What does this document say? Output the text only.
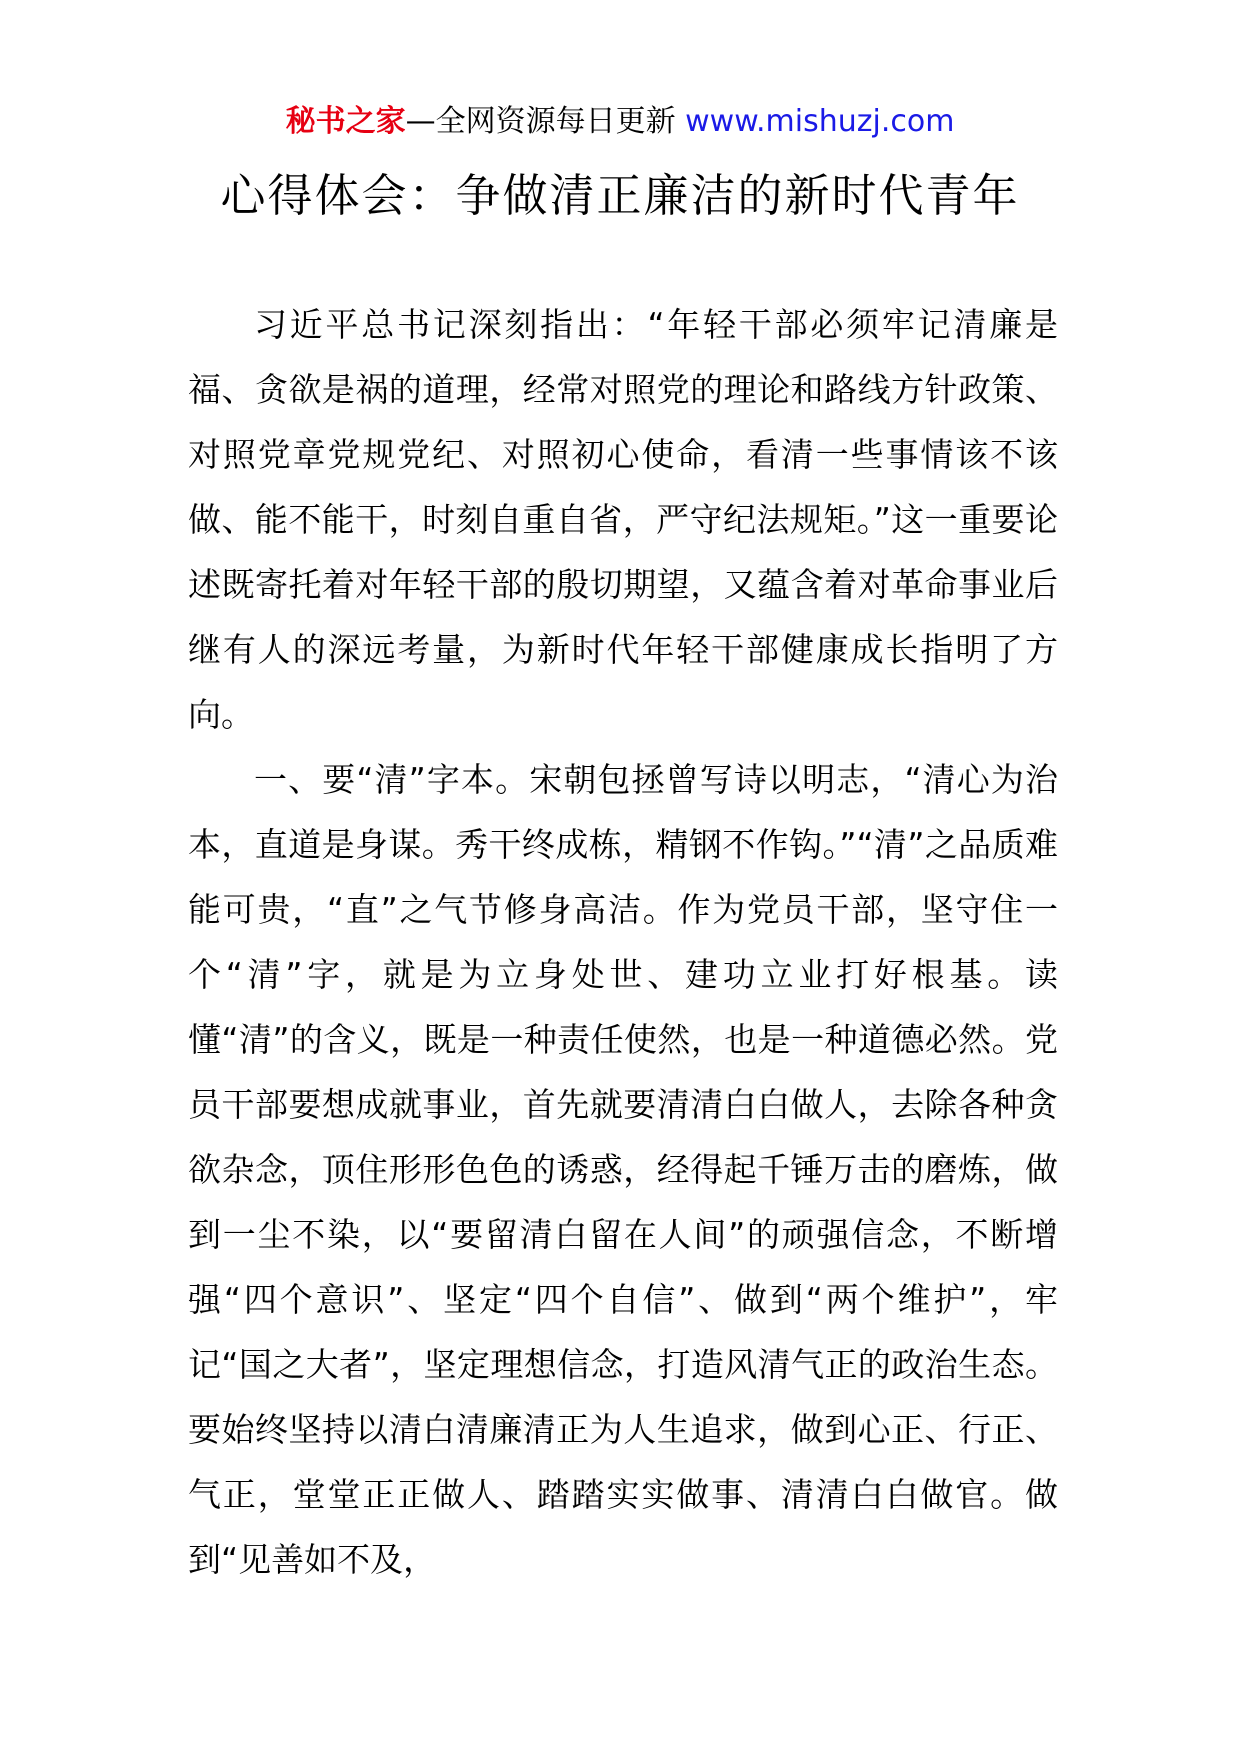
秘书之家—全网资源每日更新 www.mishuzj.com
心得体会：争做清正廉洁的新时代青年

习近平总书记深刻指出：“年轻干部必须牢记清廉是福、贪欲是祸的道理，经常对照党的理论和路线方针政策、对照党章党规党纪、对照初心使命，看清一些事情该不该做、能不能干，时刻自重自省，严守纪法规矩。”这一重要论述既寄托着对年轻干部的殷切期望，又蕴含着对革命事业后继有人的深远考量，为新时代年轻干部健康成长指明了方向。

一、要“清”字本。宋朝包拯曾写诗以明志，“清心为治本，直道是身谋。秀干终成栋，精钢不作钩。”“清”之品质难能可贵，“直”之气节修身高洁。作为党员干部，坚守住一个“清”字，就是为立身处世、建功立业打好根基。读懂“清”的含义，既是一种责任使然，也是一种道德必然。党员干部要想成就事业，首先就要清清白白做人，去除各种贪欲杂念，顶住形形色色的诱惑，经得起千锤万击的磨炼，做到一尘不染，以“要留清白留在人间”的顽强信念，不断增强“四个意识”、坚定“四个自信”、做到“两个维护”，牢记“国之大者”，坚定理想信念，打造风清气正的政治生态。要始终坚持以清白清廉清正为人生追求，做到心正、行正、气正，堂堂正正做人、踏踏实实做事、清清白白做官。做到“见善如不及，
